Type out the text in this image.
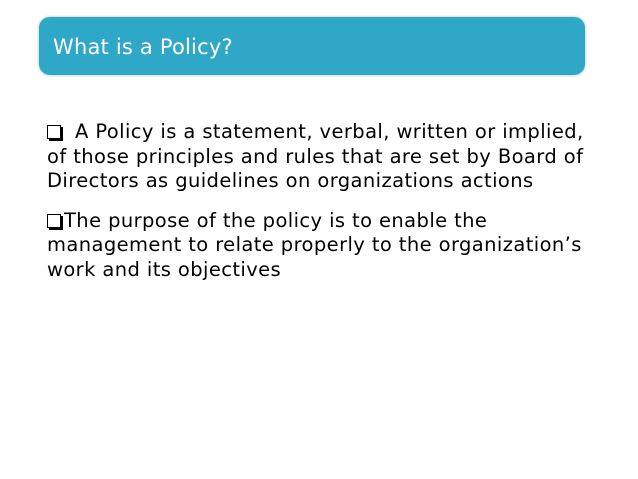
What is a Policy?

A Policy is a statement, verbal, written or implied, of those principles and rules that are set by Board of Directors as guidelines on organizations actions

The purpose of the policy is to enable the management to relate properly to the organization’s work and its objectives
